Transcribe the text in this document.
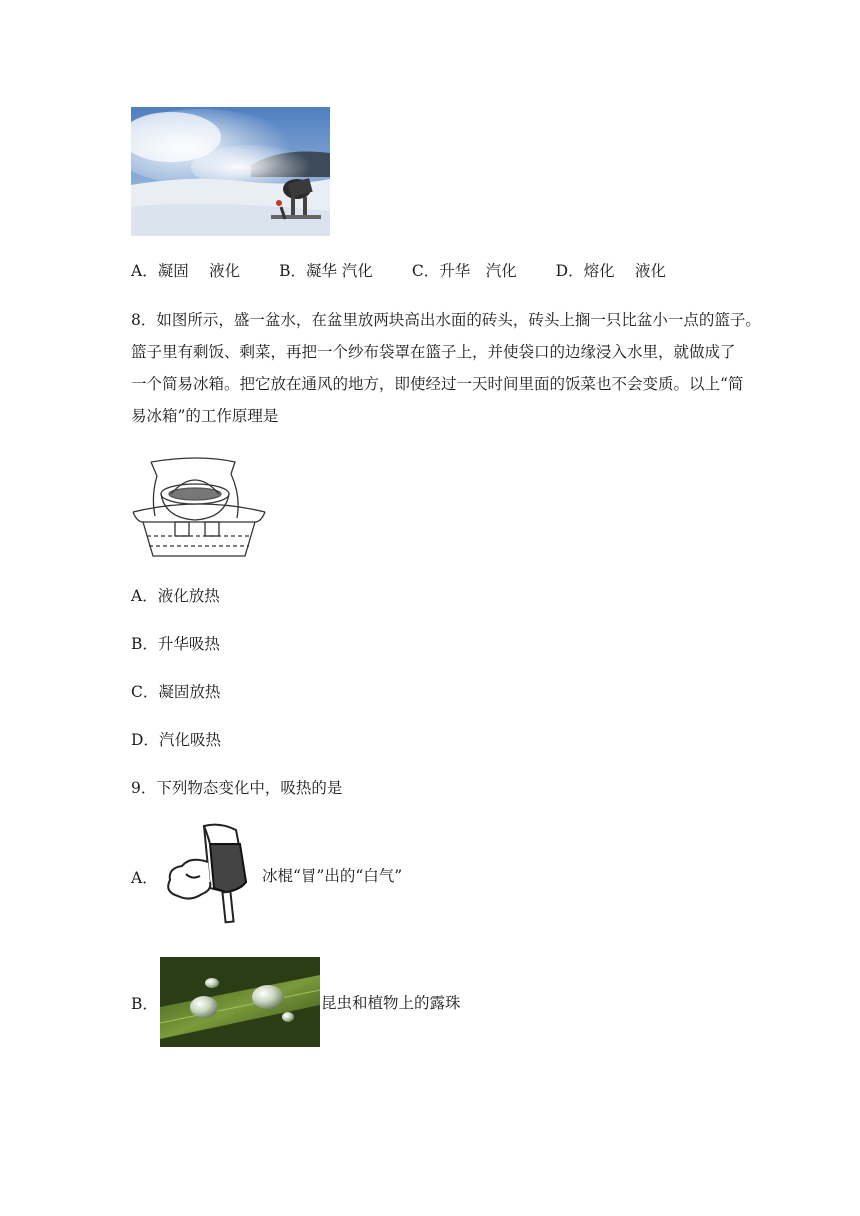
A．凝固　 液化	B．凝华 汽化	C．升华　汽化	D．熔化　 液化
8．如图所示，盛一盆水，在盆里放两块高出水面的砖头，砖头上搁一只比盆小一点的篮子。
篮子里有剩饭、剩菜，再把一个纱布袋罩在篮子上，并使袋口的边缘浸入水里，就做成了
一个简易冰箱。把它放在通风的地方，即使经过一天时间里面的饭菜也不会变质。以上“简
易冰箱”的工作原理是
A．液化放热
B．升华吸热
C．凝固放热
D．汽化吸热
9．下列物态变化中，吸热的是
A．	冰棍“冒”出的“白气”
B．	昆虫和植物上的露珠
